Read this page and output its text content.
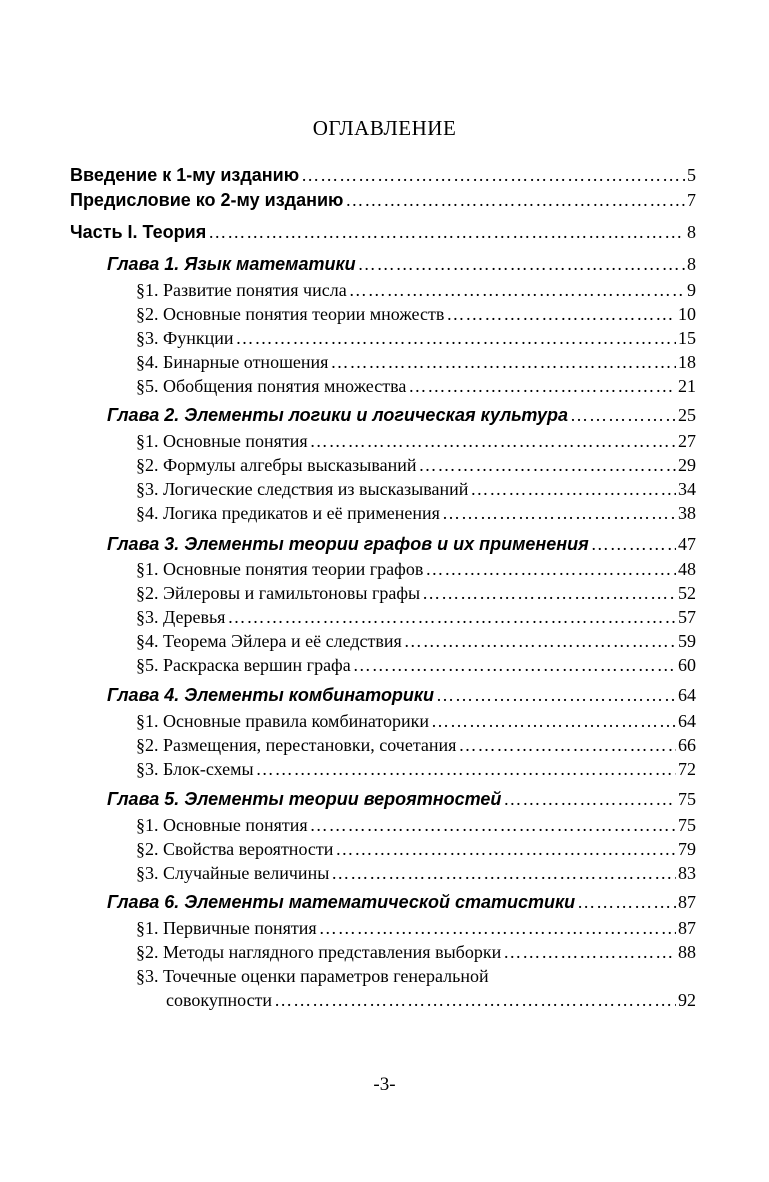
ОГЛАВЛЕНИЕ
Введение к 1-му изданию …………………………………………………………………………………………………………………………………………………	5
Предисловие ко 2-му изданию …………………………………………………………………………………………………………………………………………………	7
Часть I. Теория …………………………………………………………………………………………………………………………………………………	8
Глава 1. Язык математики …………………………………………………………………………………………………………………………………………………	8
§1. Развитие понятия числа …………………………………………………………………………………………………………………………………………………	9
§2. Основные понятия теории множеств …………………………………………………………………………………………………………………………………………………	10
§3. Функции …………………………………………………………………………………………………………………………………………………	15
§4. Бинарные отношения …………………………………………………………………………………………………………………………………………………	18
§5. Обобщения понятия множества …………………………………………………………………………………………………………………………………………………	21
Глава 2. Элементы логики и логическая культура …………………………………………………………………………………………………………………………………………………	25
§1. Основные понятия …………………………………………………………………………………………………………………………………………………	27
§2. Формулы алгебры высказываний …………………………………………………………………………………………………………………………………………………	29
§3. Логические следствия из высказываний …………………………………………………………………………………………………………………………………………………	34
§4. Логика предикатов и её применения …………………………………………………………………………………………………………………………………………………	38
Глава 3. Элементы теории графов и их применения …………………………………………………………………………………………………………………………………………………	47
§1. Основные понятия теории графов …………………………………………………………………………………………………………………………………………………	48
§2. Эйлеровы и гамильтоновы графы …………………………………………………………………………………………………………………………………………………	52
§3. Деревья …………………………………………………………………………………………………………………………………………………	57
§4. Теорема Эйлера и её следствия …………………………………………………………………………………………………………………………………………………	59
§5. Раскраска вершин графа …………………………………………………………………………………………………………………………………………………	60
Глава 4. Элементы комбинаторики …………………………………………………………………………………………………………………………………………………	64
§1. Основные правила комбинаторики …………………………………………………………………………………………………………………………………………………	64
§2. Размещения, перестановки, сочетания …………………………………………………………………………………………………………………………………………………	66
§3. Блок-схемы …………………………………………………………………………………………………………………………………………………	72
Глава 5. Элементы теории вероятностей …………………………………………………………………………………………………………………………………………………	75
§1. Основные понятия …………………………………………………………………………………………………………………………………………………	75
§2. Свойства вероятности …………………………………………………………………………………………………………………………………………………	79
§3. Случайные величины …………………………………………………………………………………………………………………………………………………	83
Глава 6. Элементы математической статистики …………………………………………………………………………………………………………………………………………………	87
§1. Первичные понятия …………………………………………………………………………………………………………………………………………………	87
§2. Методы наглядного представления выборки …………………………………………………………………………………………………………………………………………………	88
§3. Точечные оценки параметров генеральной
совокупности …………………………………………………………………………………………………………………………………………………	92
-3-
